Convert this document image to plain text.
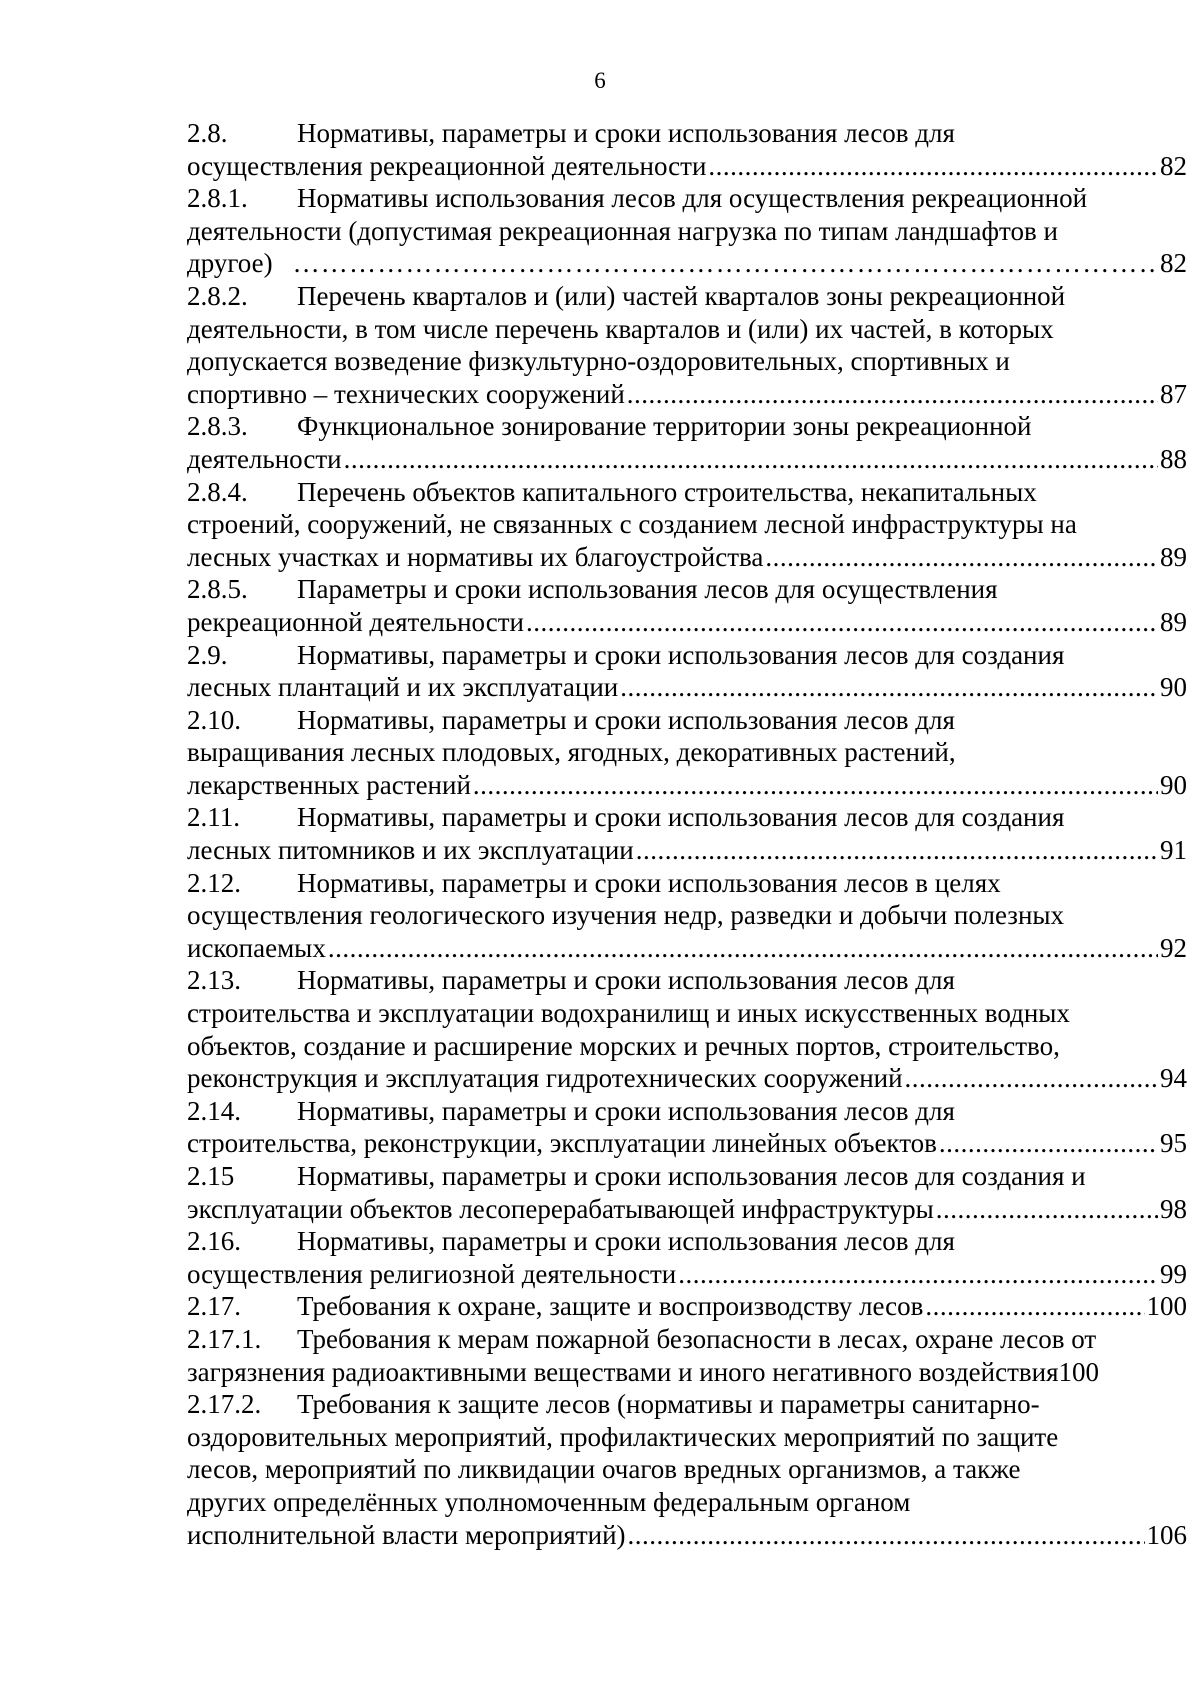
6
2.8.	Нормативы, параметры и сроки использования лесов для
осуществления рекреационной деятельности .....	82
2.8.1.	Нормативы использования лесов для осуществления рекреационной
деятельности (допустимая рекреационная нагрузка по типам ландшафтов и
другое) …………………………………………………………………………………………………………………………	82
2.8.2.	Перечень кварталов и (или) частей кварталов зоны рекреационной
деятельности, в том числе перечень кварталов и (или) их частей, в которых
допускается возведение физкультурно-оздоровительных, спортивных и
спортивно – технических сооружений .....	87
2.8.3.	Функциональное зонирование территории зоны рекреационной
деятельности .....	88
2.8.4.	Перечень объектов капитального строительства, некапитальных
строений, сооружений, не связанных с созданием лесной инфраструктуры на
лесных участках и нормативы их благоустройства .....	89
2.8.5.	Параметры и сроки использования лесов для осуществления
рекреационной деятельности .....	89
2.9.	Нормативы, параметры и сроки использования лесов для создания
лесных плантаций и их эксплуатации .....	90
2.10.	Нормативы, параметры и сроки использования лесов для
выращивания лесных плодовых, ягодных, декоративных растений,
лекарственных растений .....	90
2.11.	Нормативы, параметры и сроки использования лесов для создания
лесных питомников и их эксплуатации .....	91
2.12.	Нормативы, параметры и сроки использования лесов в целях
осуществления геологического изучения недр, разведки и добычи полезных
ископаемых .....	92
2.13.	Нормативы, параметры и сроки использования лесов для
строительства и эксплуатации водохранилищ и иных искусственных водных
объектов, создание и расширение морских и речных портов, строительство,
реконструкция и эксплуатация гидротехнических сооружений .....	94
2.14.	Нормативы, параметры и сроки использования лесов для
строительства, реконструкции, эксплуатации линейных объектов .....	95
2.15	Нормативы, параметры и сроки использования лесов для создания и
эксплуатации объектов лесоперерабатывающей инфраструктуры .....	98
2.16.	Нормативы, параметры и сроки использования лесов для
осуществления религиозной деятельности .....	99
2.17.	Требования к охране, защите и воспроизводству лесов .....	100
2.17.1.	Требования к мерам пожарной безопасности в лесах, охране лесов от
загрязнения радиоактивными веществами и иного негативного воздействия 100
2.17.2.	Требования к защите лесов (нормативы и параметры санитарно-
оздоровительных мероприятий, профилактических мероприятий по защите
лесов, мероприятий по ликвидации очагов вредных организмов, а также
других определённых уполномоченным федеральным органом
исполнительной власти мероприятий) .....	106
